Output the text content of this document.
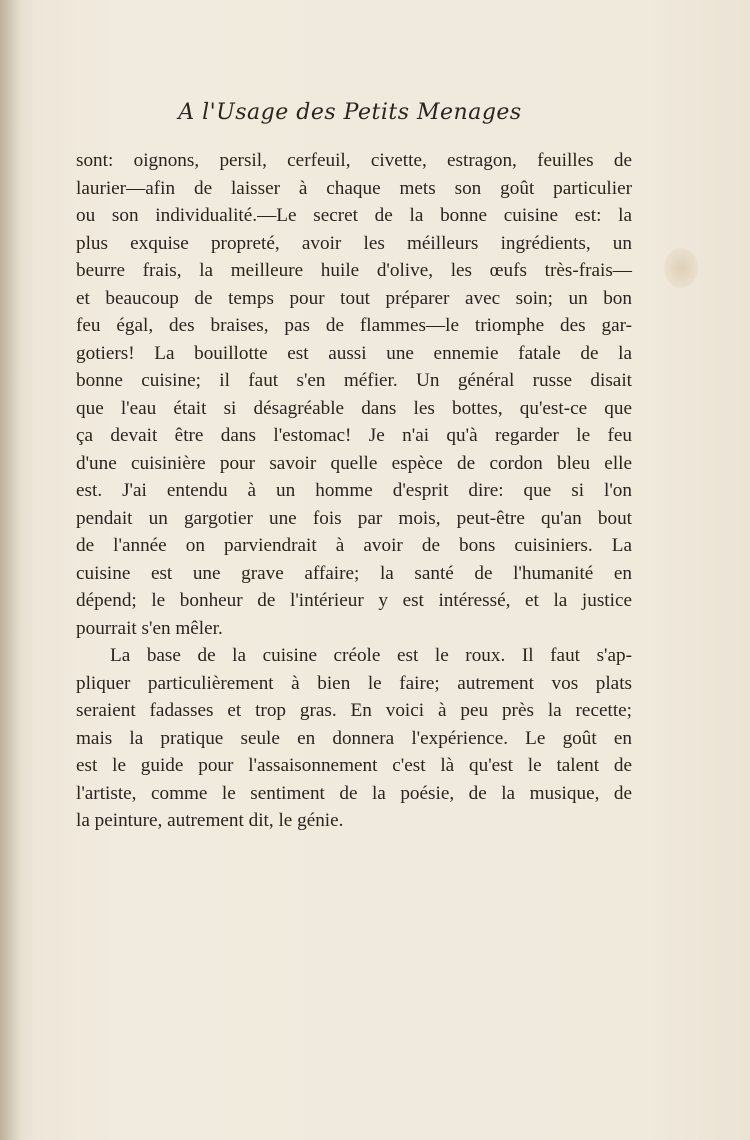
A l'Usage des Petits Menages
sont: oignons, persil, cerfeuil, civette, estragon, feuilles de
laurier—afin de laisser à chaque mets son goût particulier
ou son individualité.—Le secret de la bonne cuisine est: la
plus exquise propreté, avoir les méilleurs ingrédients, un
beurre frais, la meilleure huile d'olive, les œufs très-frais—
et beaucoup de temps pour tout préparer avec soin; un bon
feu égal, des braises, pas de flammes—le triomphe des gar-
gotiers! La bouillotte est aussi une ennemie fatale de la
bonne cuisine; il faut s'en méfier. Un général russe disait
que l'eau était si désagréable dans les bottes, qu'est-ce que
ça devait être dans l'estomac! Je n'ai qu'à regarder le feu
d'une cuisinière pour savoir quelle espèce de cordon bleu elle
est. J'ai entendu à un homme d'esprit dire: que si l'on
pendait un gargotier une fois par mois, peut-être qu'an bout
de l'année on parviendrait à avoir de bons cuisiniers. La
cuisine est une grave affaire; la santé de l'humanité en
dépend; le bonheur de l'intérieur y est intéressé, et la justice
pourrait s'en mêler.
La base de la cuisine créole est le roux. Il faut s'ap-
pliquer particulièrement à bien le faire; autrement vos plats
seraient fadasses et trop gras. En voici à peu près la recette;
mais la pratique seule en donnera l'expérience. Le goût en
est le guide pour l'assaisonnement c'est là qu'est le talent de
l'artiste, comme le sentiment de la poésie, de la musique, de
la peinture, autrement dit, le génie.
